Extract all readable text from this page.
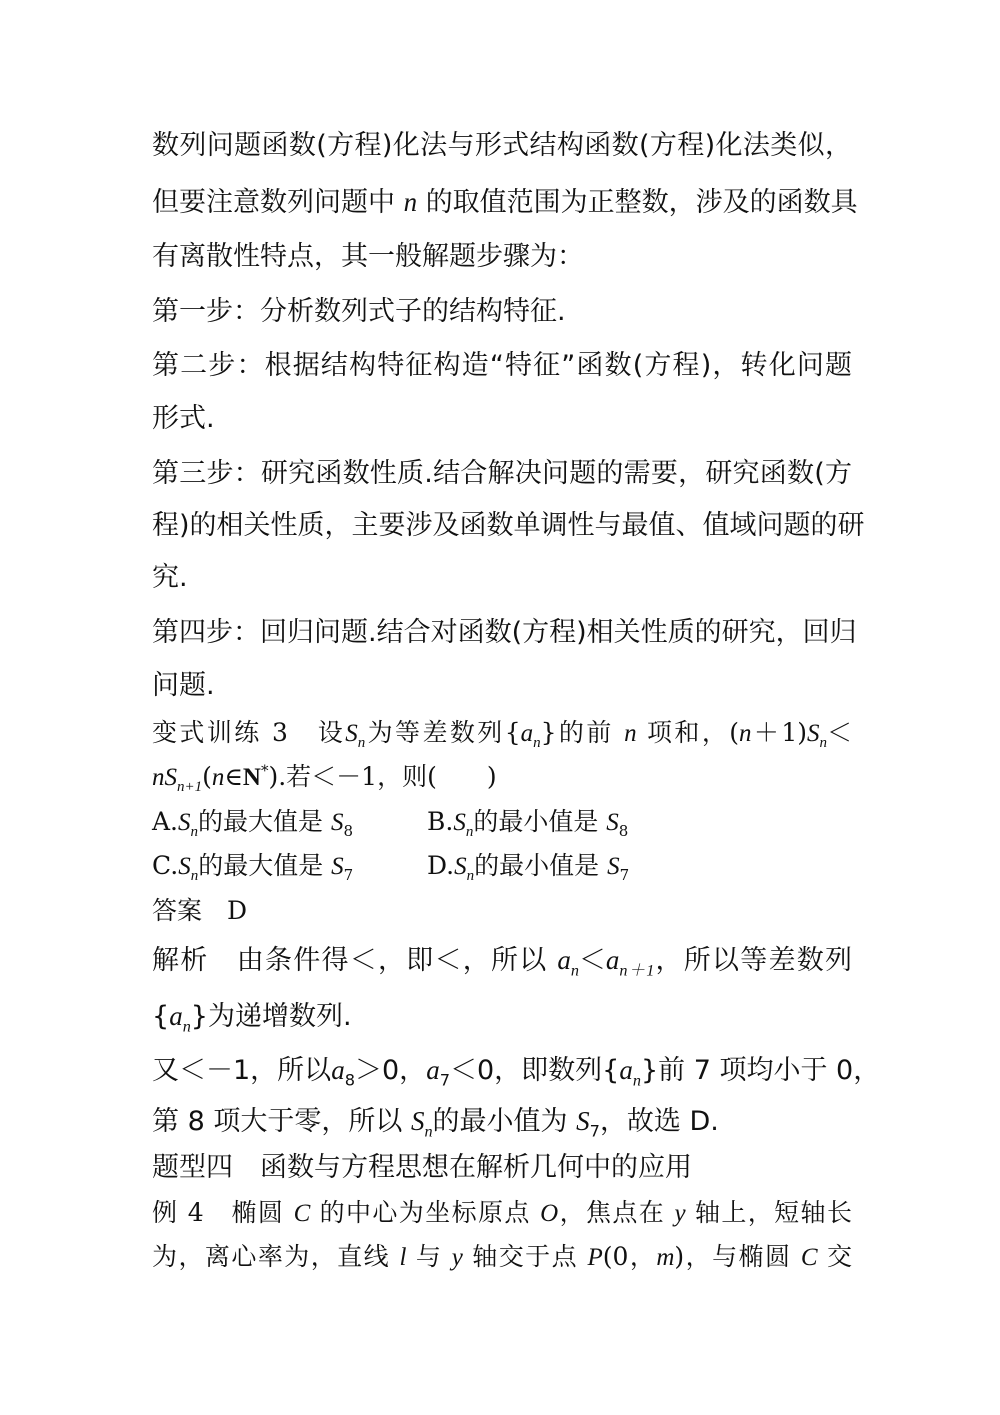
数列问题函数(方程)化法与形式结构函数(方程)化法类似，
但要注意数列问题中 n 的取值范围为正整数，涉及的函数具
有离散性特点，其一般解题步骤为：
第一步：分析数列式子的结构特征.
第二步：根据结构特征构造“特征”函数(方程)，转化问题
形式.
第三步：研究函数性质.结合解决问题的需要，研究函数(方
程)的相关性质，主要涉及函数单调性与最值、值域问题的研
究.
第四步：回归问题.结合对函数(方程)相关性质的研究，回归
问题.
变式训练 3　 设$S_n$为等差数列$\{a_n\}$的前 n 项和，$(n+1)S_n<$
$nS_{n+1}(n\in N^*)$.若＜－1，则(　　)
$A.S_n$的最大值是 $S_8$	$B.S_n$的最小值是 $S_8$
$C.S_n$的最大值是 $S_7$	$D.S_n$的最小值是 $S_7$
答案　 D
解析　 由条件得＜，即＜，所以 $a_n<a_{n+1}$，所以等差数列
$\{a_n\}$为递增数列.
又＜－1，所以$a_8>0$，$a_7<0$，即数列$\{a_n\}$前 7 项均小于 0，
第 8 项大于零，所以 $S_n$的最小值为 $S_7$，故选 D.
题型四　函数与方程思想在解析几何中的应用
例 4　 椭圆 C 的中心为坐标原点 O，焦点在 y 轴上，短轴长
为，离心率为，直线 l 与 y 轴交于点 P(0，m)，与椭圆 C 交
